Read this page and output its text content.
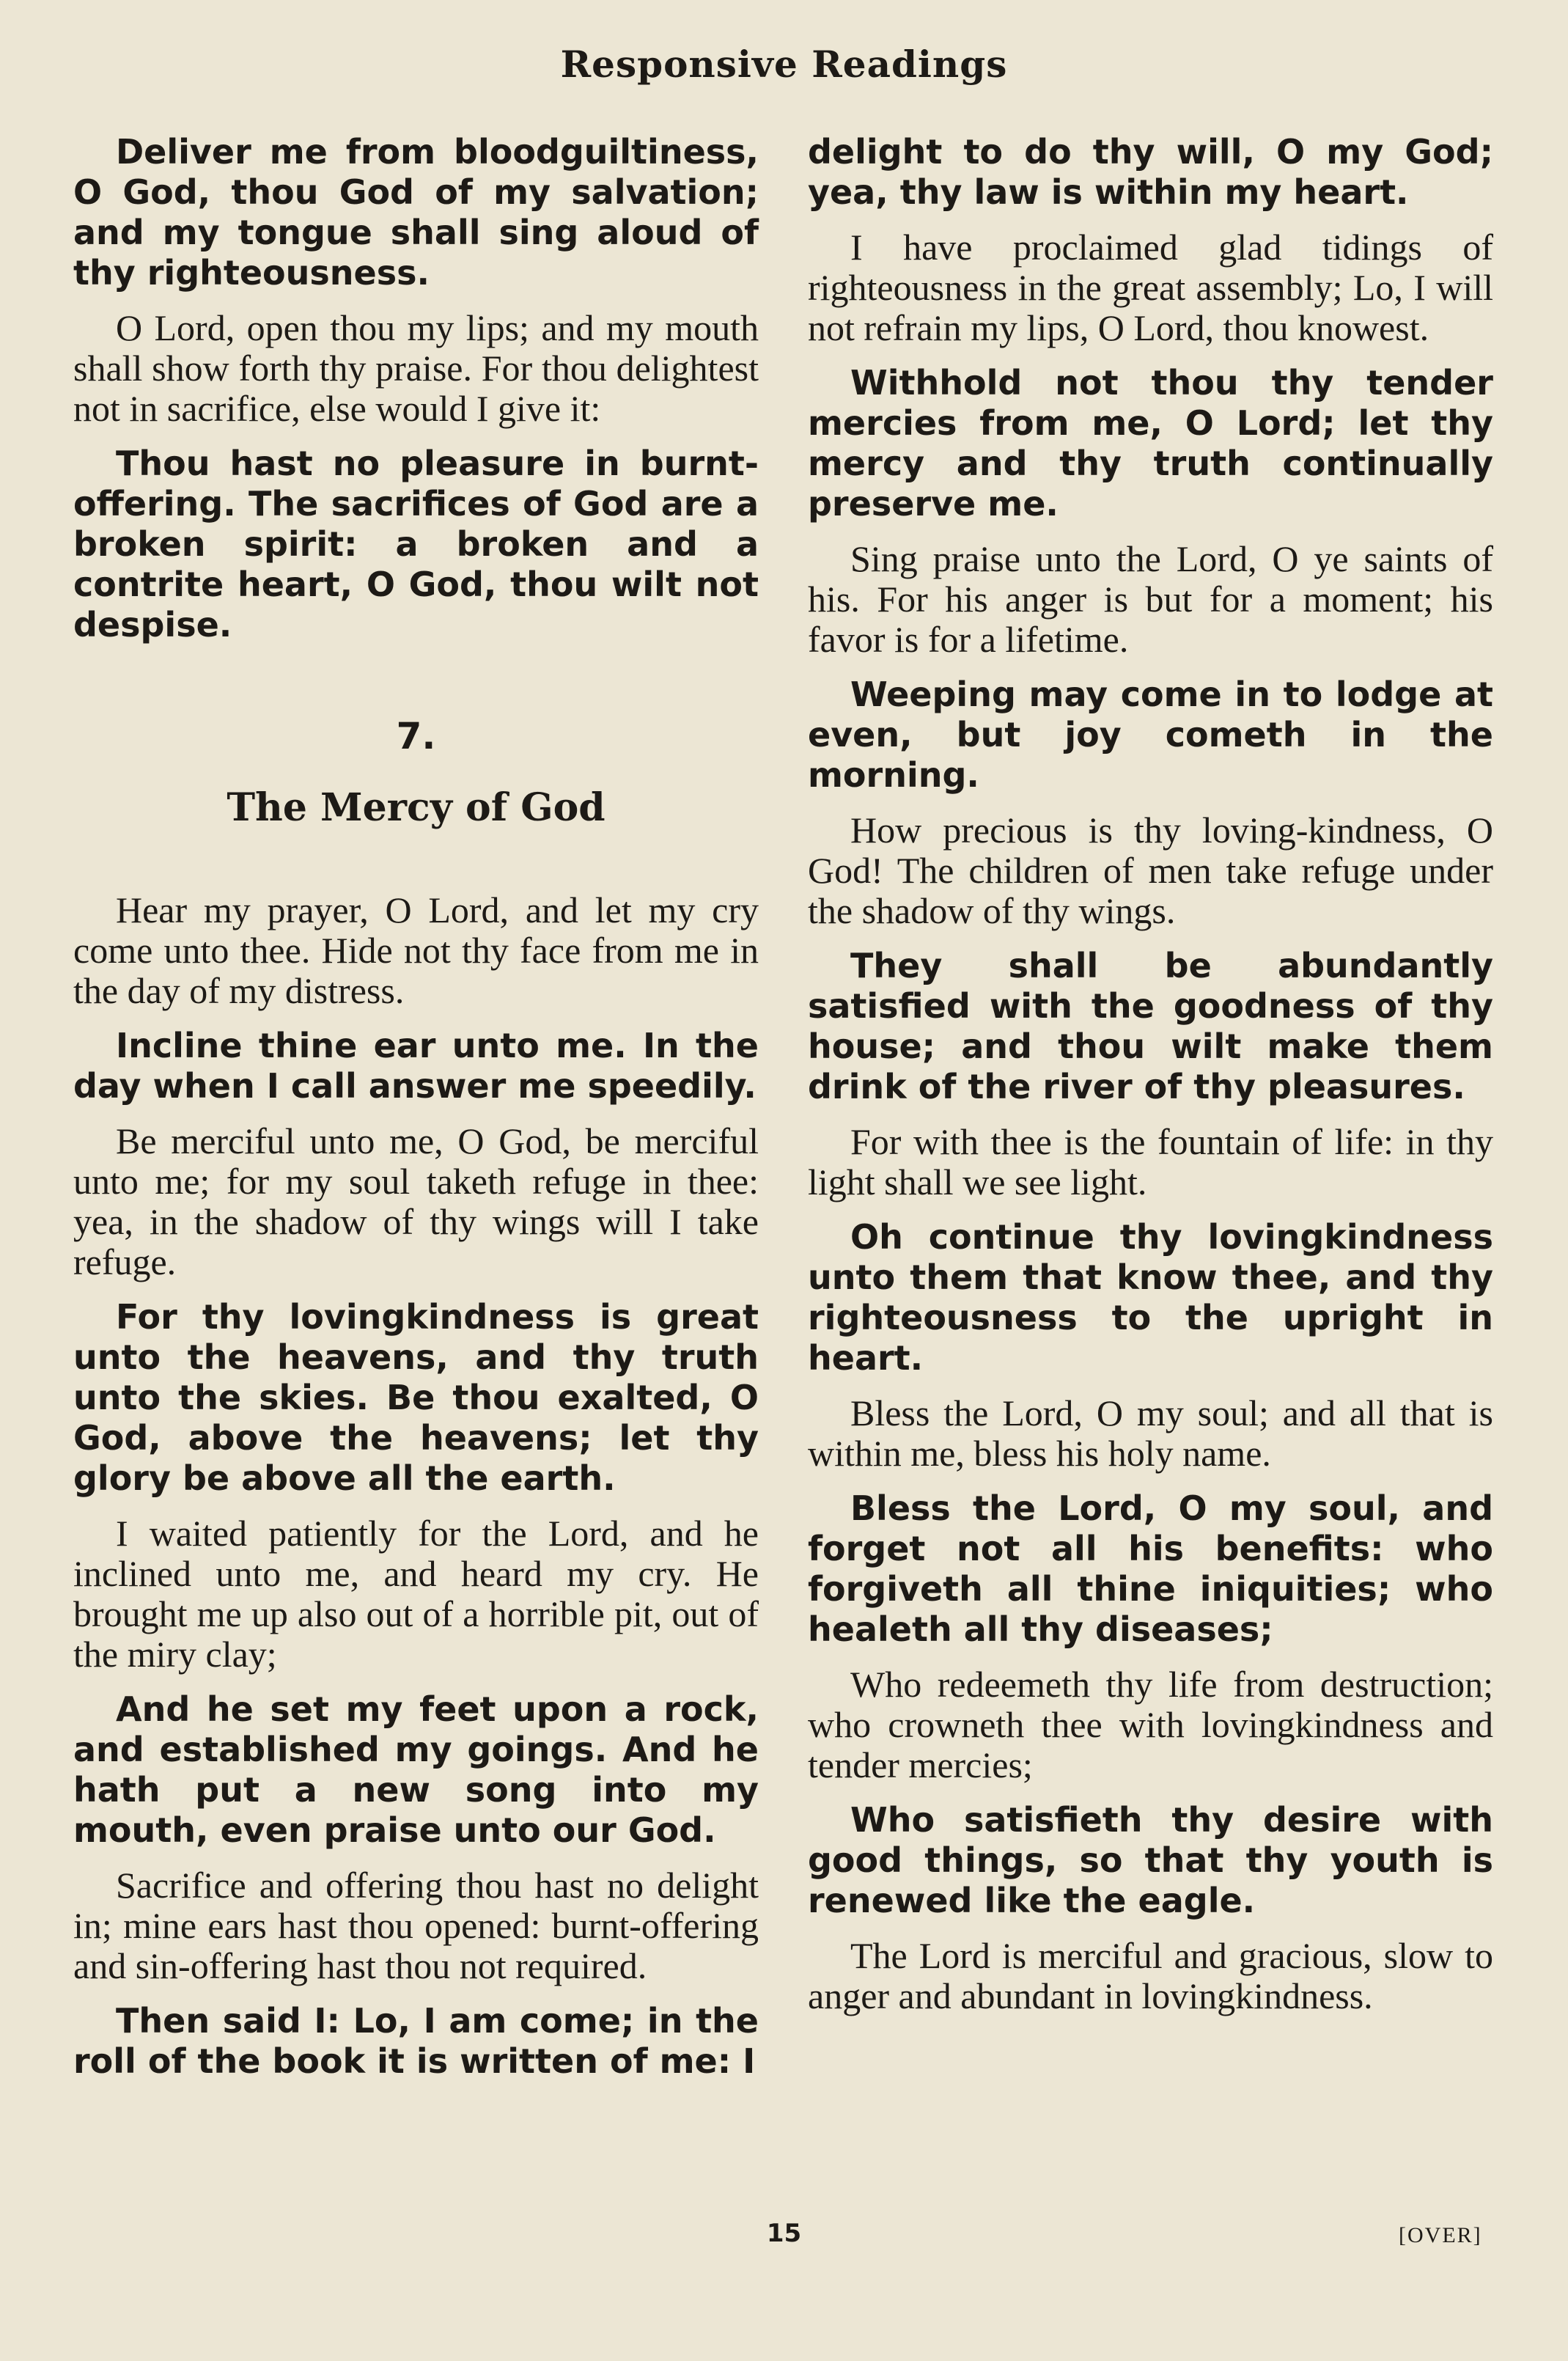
Responsive Readings

Deliver me from bloodguiltiness, O God, thou God of my salvation; and my tongue shall sing aloud of thy righteousness.

O Lord, open thou my lips; and my mouth shall show forth thy praise. For thou delightest not in sacrifice, else would I give it:

Thou hast no pleasure in burnt-offering. The sacrifices of God are a broken spirit: a broken and a contrite heart, O God, thou wilt not despise.

7.
The Mercy of God

Hear my prayer, O Lord, and let my cry come unto thee. Hide not thy face from me in the day of my distress.

Incline thine ear unto me. In the day when I call answer me speedily.

Be merciful unto me, O God, be merciful unto me; for my soul taketh refuge in thee: yea, in the shadow of thy wings will I take refuge.

For thy lovingkindness is great unto the heavens, and thy truth unto the skies. Be thou exalted, O God, above the heavens; let thy glory be above all the earth.

I waited patiently for the Lord, and he inclined unto me, and heard my cry. He brought me up also out of a horrible pit, out of the miry clay;

And he set my feet upon a rock, and established my goings. And he hath put a new song into my mouth, even praise unto our God.

Sacrifice and offering thou hast no delight in; mine ears hast thou opened: burnt-offering and sin-offering hast thou not required.

Then said I: Lo, I am come; in the roll of the book it is written of me: I

delight to do thy will, O my God; yea, thy law is within my heart.

I have proclaimed glad tidings of righteousness in the great assembly; Lo, I will not refrain my lips, O Lord, thou knowest.

Withhold not thou thy tender mercies from me, O Lord; let thy mercy and thy truth continually preserve me.

Sing praise unto the Lord, O ye saints of his. For his anger is but for a moment; his favor is for a lifetime.

Weeping may come in to lodge at even, but joy cometh in the morning.

How precious is thy loving-kindness, O God! The children of men take refuge under the shadow of thy wings.

They shall be abundantly satisfied with the goodness of thy house; and thou wilt make them drink of the river of thy pleasures.

For with thee is the fountain of life: in thy light shall we see light.

Oh continue thy lovingkindness unto them that know thee, and thy righteousness to the upright in heart.

Bless the Lord, O my soul; and all that is within me, bless his holy name.

Bless the Lord, O my soul, and forget not all his benefits: who forgiveth all thine iniquities; who healeth all thy diseases;

Who redeemeth thy life from destruction; who crowneth thee with lovingkindness and tender mercies;

Who satisfieth thy desire with good things, so that thy youth is renewed like the eagle.

The Lord is merciful and gracious, slow to anger and abundant in lovingkindness.

15	[OVER]
